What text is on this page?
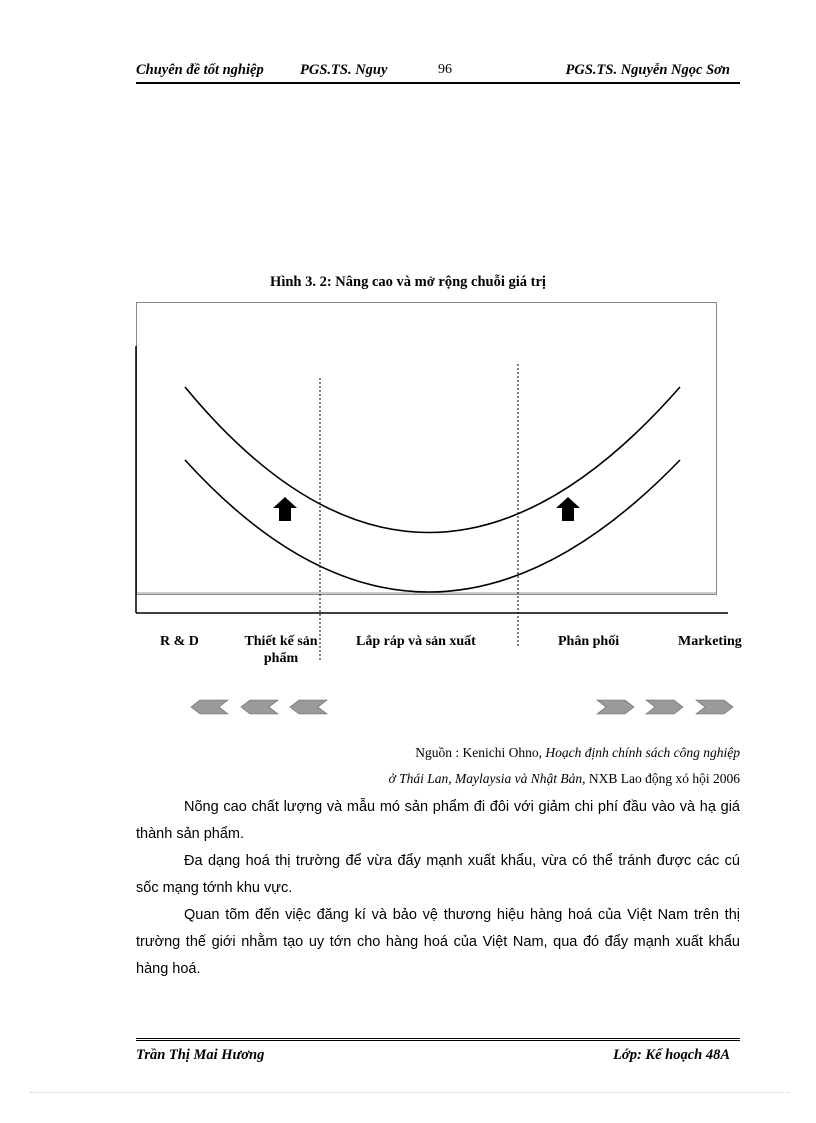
Chuyên đề tốt nghiệp	PGS.TS. Nguy	96	PGS.TS. Nguyễn Ngọc Sơn
Hình 3. 2: Nâng cao và mở rộng chuỗi giá trị
R & D	Thiết kế sản phẩm
Lắp ráp và sản xuất	Phân phối	Marketing
Nguồn : Kenichi Ohno, Hoạch định chính sách công nghiệp
ở Thái Lan, Maylaysia và Nhật Bản, NXB Lao động xó hội 2006

Nõng cao chất lượng và mẫu mó sản phẩm đi đôi với giảm chi phí đầu vào và hạ giá thành sản phẩm.

Đa dạng hoá thị trường để vừa đẩy mạnh xuất khẩu, vừa có thể tránh được các cú sốc mạng tớnh khu vực.

Quan tõm đến việc đăng kí và bảo vệ thương hiệu hàng hoá của Việt Nam trên thị trường thế giới nhằm tạo uy tớn cho hàng hoá của Việt Nam, qua đó đẩy mạnh xuất khẩu hàng hoá.

Trần Thị Mai Hương	Lớp: Kế hoạch 48A
